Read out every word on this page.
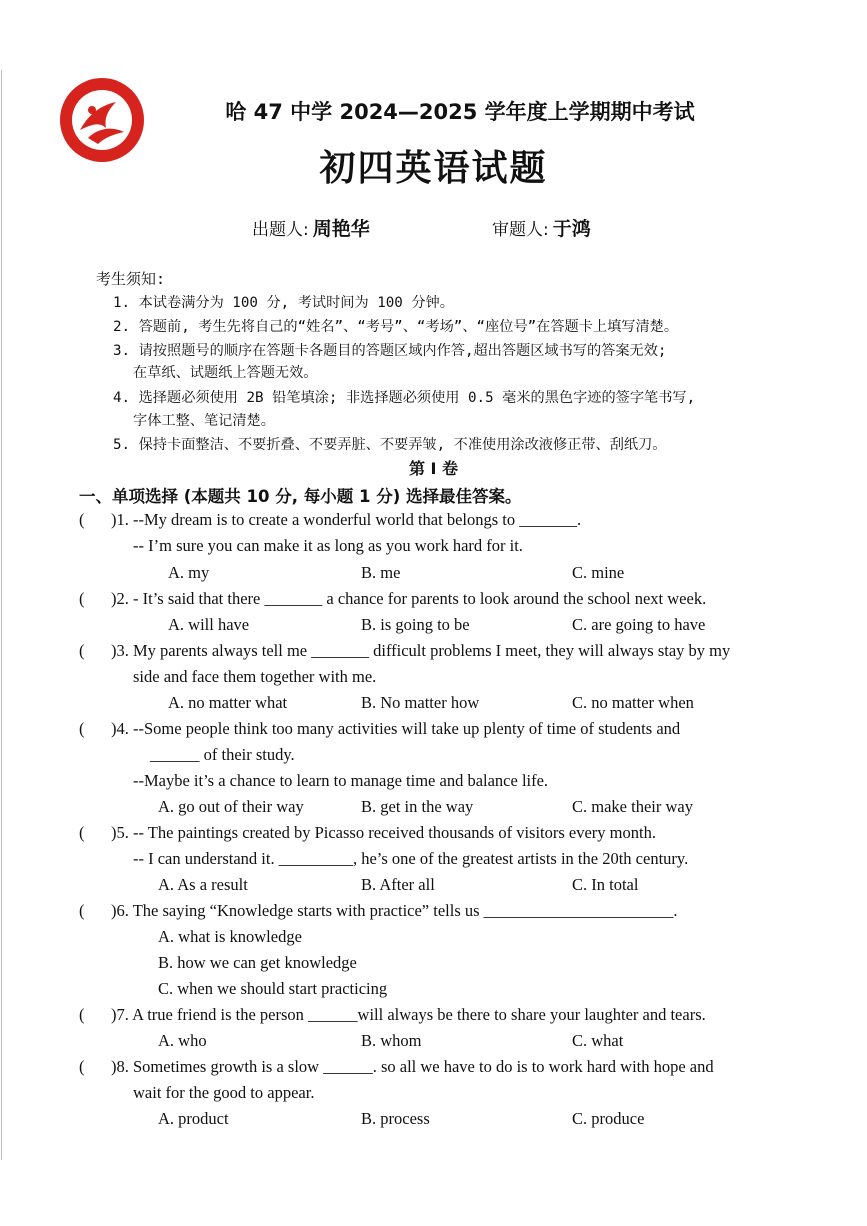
哈 47 中学 2024—2025 学年度上学期期中考试
初四英语试题
出题人: 周艳华	审题人: 于鸿
考生须知:
1. 本试卷满分为 100 分, 考试时间为 100 分钟。
2. 答题前, 考生先将自己的“姓名”、“考号”、“考场”、“座位号”在答题卡上填写清楚。
3. 请按照题号的顺序在答题卡各题目的答题区域内作答,超出答题区域书写的答案无效;
在草纸、试题纸上答题无效。
4. 选择题必须使用 2B 铅笔填涂; 非选择题必须使用 0.5 毫米的黑色字迹的签字笔书写,
字体工整、笔记清楚。
5. 保持卡面整洁、不要折叠、不要弄脏、不要弄皱, 不准使用涂改液修正带、刮纸刀。
第 I 卷
一、单项选择 (本题共 10 分, 每小题 1 分) 选择最佳答案。
( )1. --My dream is to create a wonderful world that belongs to _______.
-- I’m sure you can make it as long as you work hard for it.
A. my	B. me	C. mine
( )2. - It’s said that there _______ a chance for parents to look around the school next week.
A. will have	B. is going to be	C. are going to have
( )3. My parents always tell me _______ difficult problems I meet, they will always stay by my
side and face them together with me.
A. no matter what	B. No matter how	C. no matter when
( )4. --Some people think too many activities will take up plenty of time of students and
______ of their study.
--Maybe it’s a chance to learn to manage time and balance life.
A. go out of their way	B. get in the way	C. make their way
( )5. -- The paintings created by Picasso received thousands of visitors every month.
-- I can understand it. _________, he’s one of the greatest artists in the 20th century.
A. As a result	B. After all	C. In total
( )6. The saying “Knowledge starts with practice” tells us _______________________.
A. what is knowledge
B. how we can get knowledge
C. when we should start practicing
( )7. A true friend is the person ______will always be there to share your laughter and tears.
A. who	B. whom	C. what
( )8. Sometimes growth is a slow ______. so all we have to do is to work hard with hope and
wait for the good to appear.
A. product	B. process	C. produce
